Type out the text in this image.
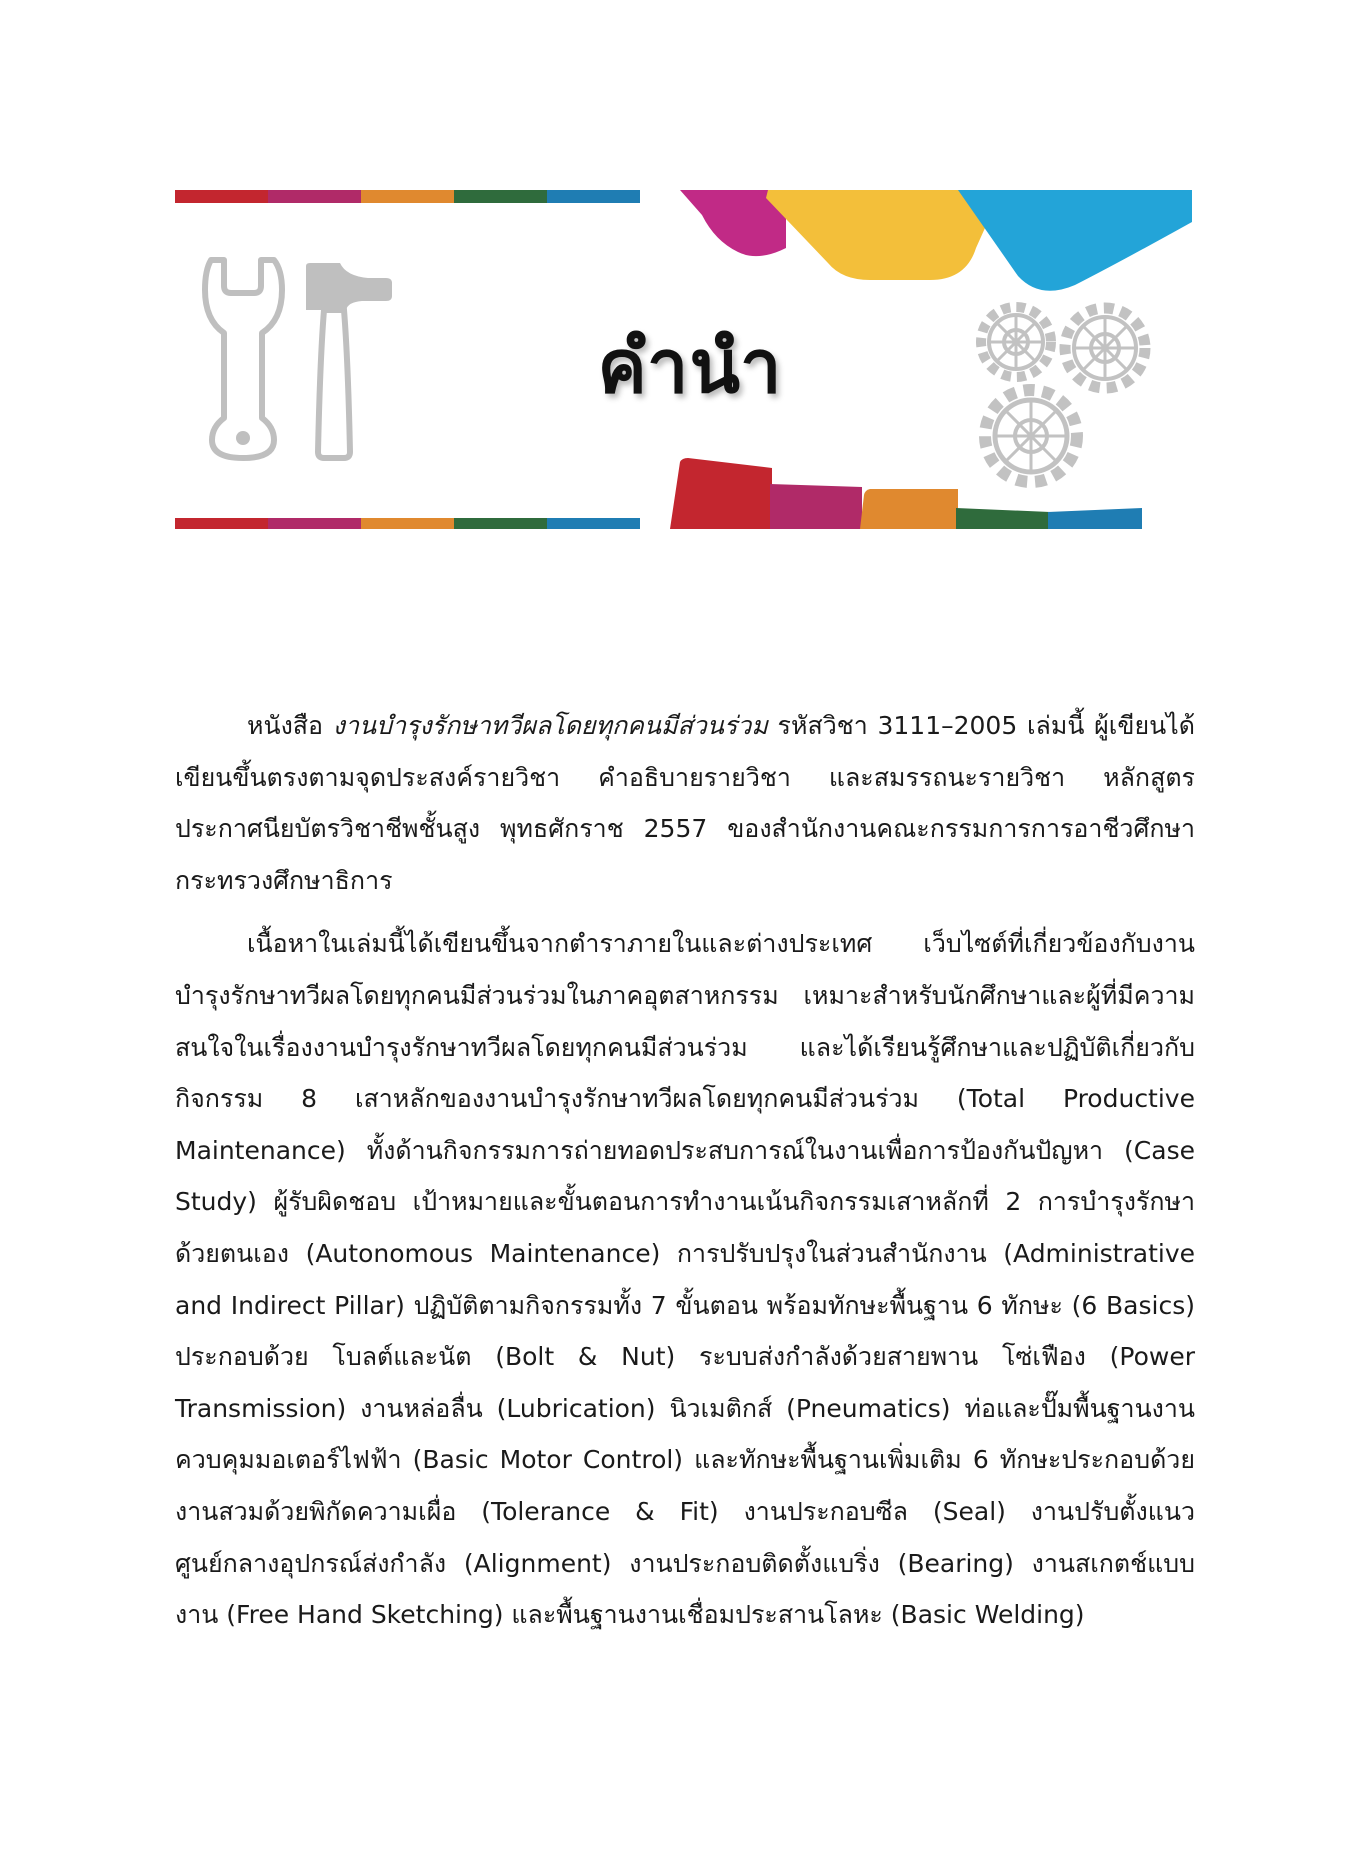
คำนำ

หนังสือ งานบำรุงรักษาทวีผลโดยทุกคนมีส่วนร่วม รหัสวิชา 3111–2005 เล่มนี้ ผู้เขียนได้เขียนขึ้นตรงตามจุดประสงค์รายวิชา คำอธิบายรายวิชา และสมรรถนะรายวิชา หลักสูตรประกาศนียบัตรวิชาชีพชั้นสูง พุทธศักราช 2557 ของสำนักงานคณะกรรมการการอาชีวศึกษา กระทรวงศึกษาธิการ

เนื้อหาในเล่มนี้ได้เขียนขึ้นจากตำราภายในและต่างประเทศ เว็บไซต์ที่เกี่ยวข้องกับงานบำรุงรักษาทวีผลโดยทุกคนมีส่วนร่วมในภาคอุตสาหกรรม เหมาะสำหรับนักศึกษาและผู้ที่มีความสนใจในเรื่องงานบำรุงรักษาทวีผลโดยทุกคนมีส่วนร่วม และได้เรียนรู้ศึกษาและปฏิบัติเกี่ยวกับกิจกรรม 8 เสาหลักของงานบำรุงรักษาทวีผลโดยทุกคนมีส่วนร่วม (Total Productive Maintenance) ทั้งด้านกิจกรรมการถ่ายทอดประสบการณ์ในงานเพื่อการป้องกันปัญหา (Case Study) ผู้รับผิดชอบ เป้าหมายและขั้นตอนการทำงานเน้นกิจกรรมเสาหลักที่ 2 การบำรุงรักษาด้วยตนเอง (Autonomous Maintenance) การปรับปรุงในส่วนสำนักงาน (Administrative and Indirect Pillar) ปฏิบัติตามกิจกรรมทั้ง 7 ขั้นตอน พร้อมทักษะพื้นฐาน 6 ทักษะ (6 Basics) ประกอบด้วย โบลต์และนัต (Bolt & Nut) ระบบส่งกำลังด้วยสายพาน โซ่เฟือง (Power Transmission) งานหล่อลื่น (Lubrication) นิวเมติกส์ (Pneumatics) ท่อและปั๊มพื้นฐานงานควบคุมมอเตอร์ไฟฟ้า (Basic Motor Control) และทักษะพื้นฐานเพิ่มเติม 6 ทักษะประกอบด้วยงานสวมด้วยพิกัดความเผื่อ (Tolerance & Fit) งานประกอบซีล (Seal) งานปรับตั้งแนวศูนย์กลางอุปกรณ์ส่งกำลัง (Alignment) งานประกอบติดตั้งแบริ่ง (Bearing) งานสเกตช์แบบงาน (Free Hand Sketching) และพื้นฐานงานเชื่อมประสานโลหะ (Basic Welding)
